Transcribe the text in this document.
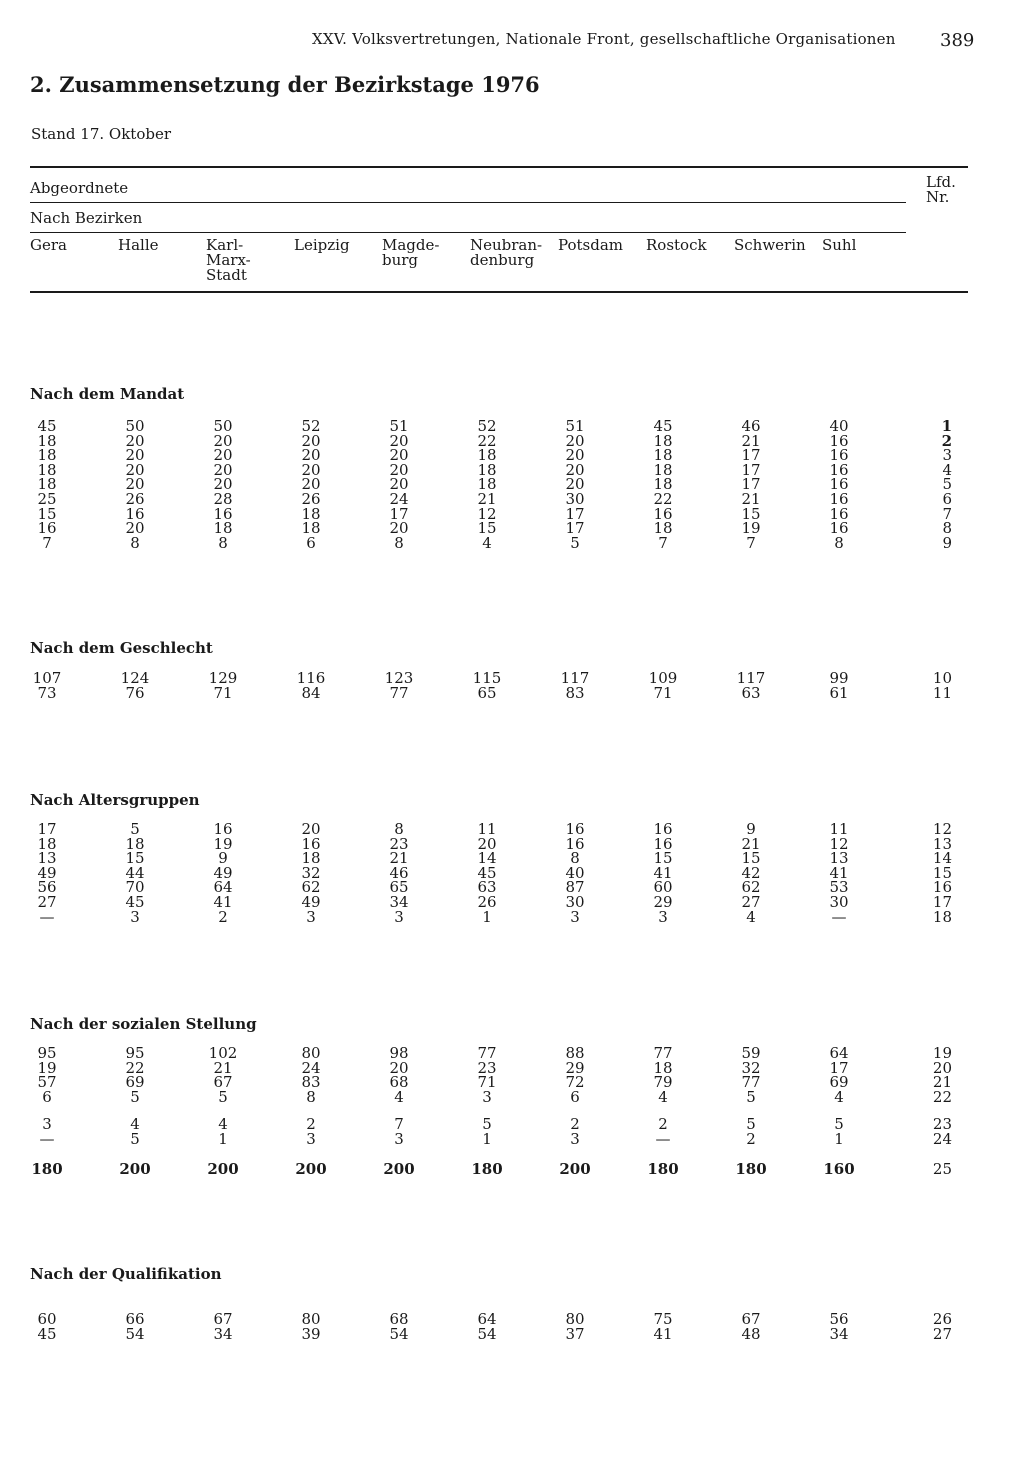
XXV. Volksvertretungen, Nationale Front, gesellschaftliche Organisationen 389
2. Zusammensetzung der Bezirkstage 1976
Stand 17. Oktober
Abgeordnete	Lfd.
Nr.
Nach Bezirken
Gera	Halle	Karl-
Marx-
Stadt
Leipzig	Magde-
burg
Neubran-
denburg
Potsdam	Rostock	Schwerin	Suhl
Nach dem Mandat
45	50	50	52	51	52	51	45	46	40	1
18	20	20	20	20	22	20	18	21	16	2
18	20	20	20	20	18	20	18	17	16	3
18	20	20	20	20	18	20	18	17	16	4
18	20	20	20	20	18	20	18	17	16	5
25	26	28	26	24	21	30	22	21	16	6
15	16	16	18	17	12	17	16	15	16	7
16	20	18	18	20	15	17	18	19	16	8
7	8	8	6	8	4	5	7	7	8	9
Nach dem Geschlecht
107	124	129	116	123	115	117	109	117	99	10
73	76	71	84	77	65	83	71	63	61	11
Nach Altersgruppen
17	5	16	20	8	11	16	16	9	11	12
18	18	19	16	23	20	16	16	21	12	13
13	15	9	18	21	14	8	15	15	13	14
49	44	49	32	46	45	40	41	42	41	15
56	70	64	62	65	63	87	60	62	53	16
27	45	41	49	34	26	30	29	27	30	17
—	3	2	3	3	1	3	3	4	—	18
Nach der sozialen Stellung
95	95	102	80	98	77	88	77	59	64	19
19	22	21	24	20	23	29	18	32	17	20
57	69	67	83	68	71	72	79	77	69	21
6	5	5	8	4	3	6	4	5	4	22
3	4	4	2	7	5	2	2	5	5	23
—	5	1	3	3	1	3	—	2	1	24
180	200	200	200	200	180	200	180	180	160	25
Nach der Qualifikation
60	66	67	80	68	64	80	75	67	56	26
45	54	34	39	54	54	37	41	48	34	27
